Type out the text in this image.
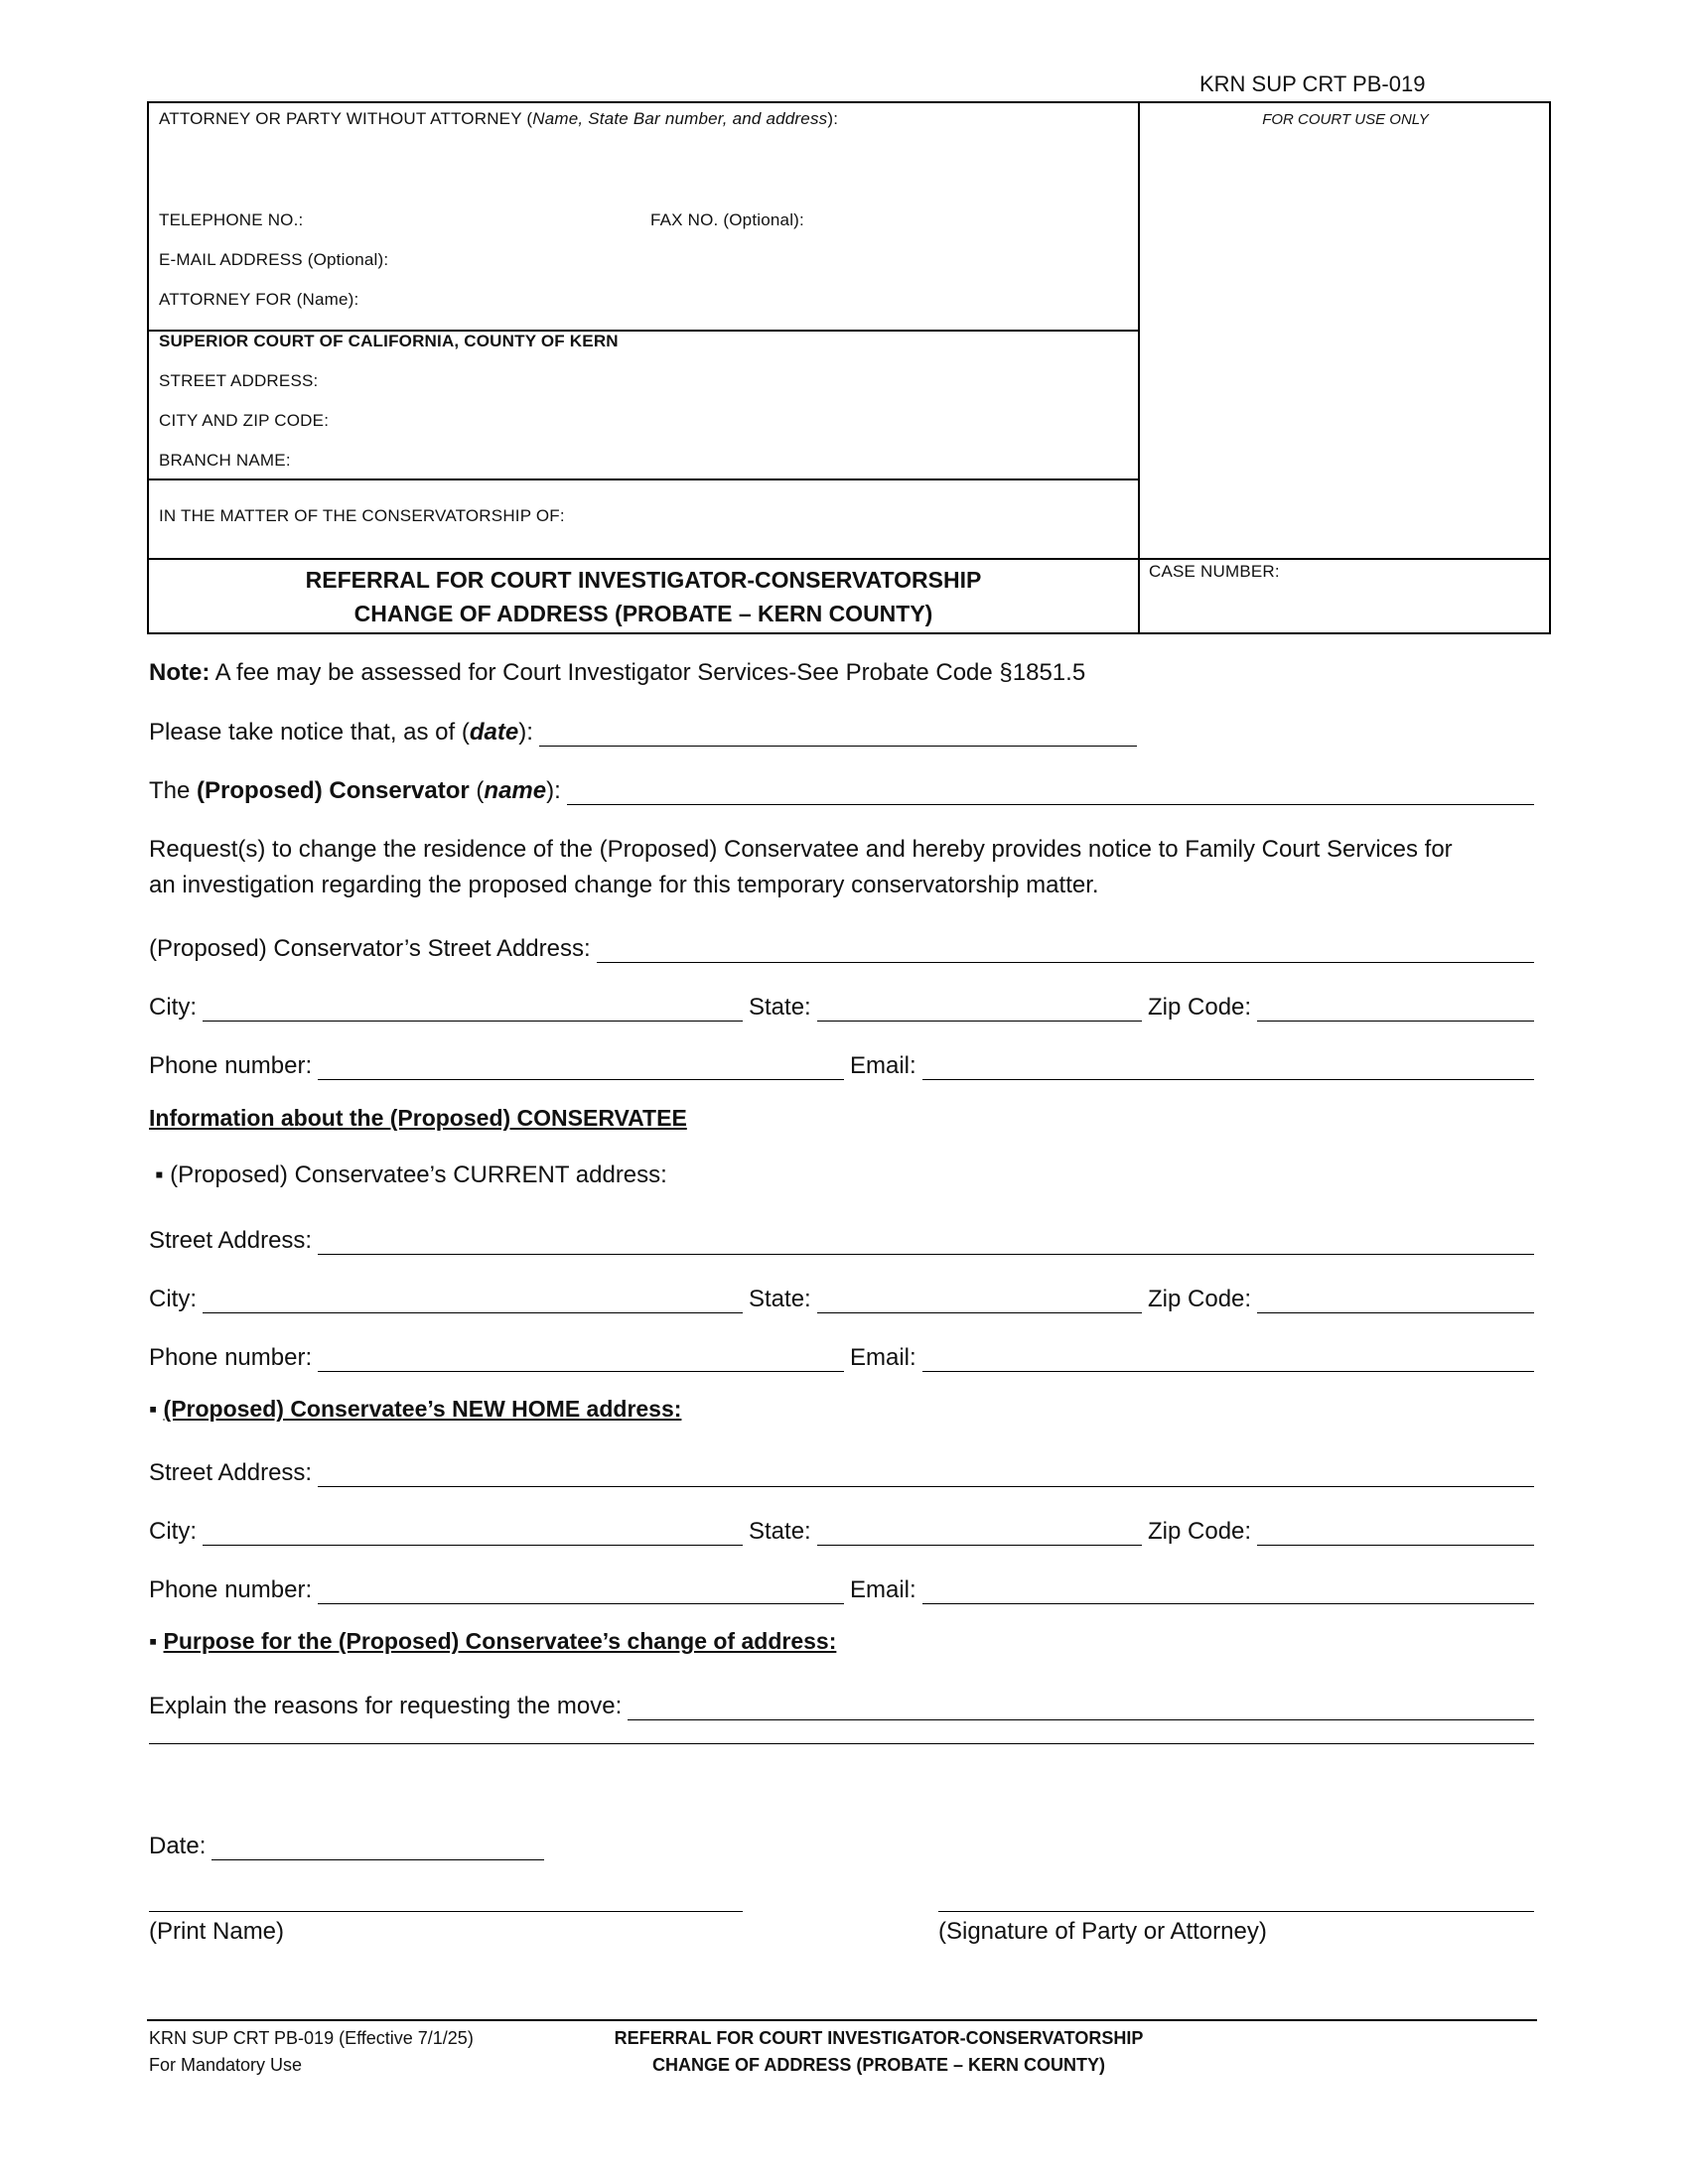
KRN SUP CRT PB-019
ATTORNEY OR PARTY WITHOUT ATTORNEY (Name, State Bar number, and address):	FOR COURT USE ONLY
TELEPHONE NO.:	FAX NO. (Optional):
E-MAIL ADDRESS (Optional):
ATTORNEY FOR (Name):
SUPERIOR COURT OF CALIFORNIA, COUNTY OF KERN
STREET ADDRESS:
CITY AND ZIP CODE:
BRANCH NAME:
IN THE MATTER OF THE CONSERVATORSHIP OF:
REFERRAL FOR COURT INVESTIGATOR-CONSERVATORSHIP
CHANGE OF ADDRESS (PROBATE – KERN COUNTY)
CASE NUMBER:
Note: A fee may be assessed for Court Investigator Services-See Probate Code §1851.5
Please take notice that, as of (date):
The (Proposed) Conservator (name):
Request(s) to change the residence of the (Proposed) Conservatee and hereby provides notice to Family Court Services for
an investigation regarding the proposed change for this temporary conservatorship matter.
(Proposed) Conservator’s Street Address:
City:	State:	Zip Code:
Phone number:	Email:
Information about the (Proposed) CONSERVATEE
▪ (Proposed) Conservatee’s CURRENT address:
Street Address:
City:	State:	Zip Code:
Phone number:	Email:
▪ (Proposed) Conservatee’s NEW HOME address:
Street Address:
City:	State:	Zip Code:
Phone number:	Email:
▪ Purpose for the (Proposed) Conservatee’s change of address:
Explain the reasons for requesting the move:
Date:
(Print Name)	(Signature of Party or Attorney)
KRN SUP CRT PB-019 (Effective 7/1/25)
For Mandatory Use
REFERRAL FOR COURT INVESTIGATOR-CONSERVATORSHIP
CHANGE OF ADDRESS (PROBATE – KERN COUNTY)
